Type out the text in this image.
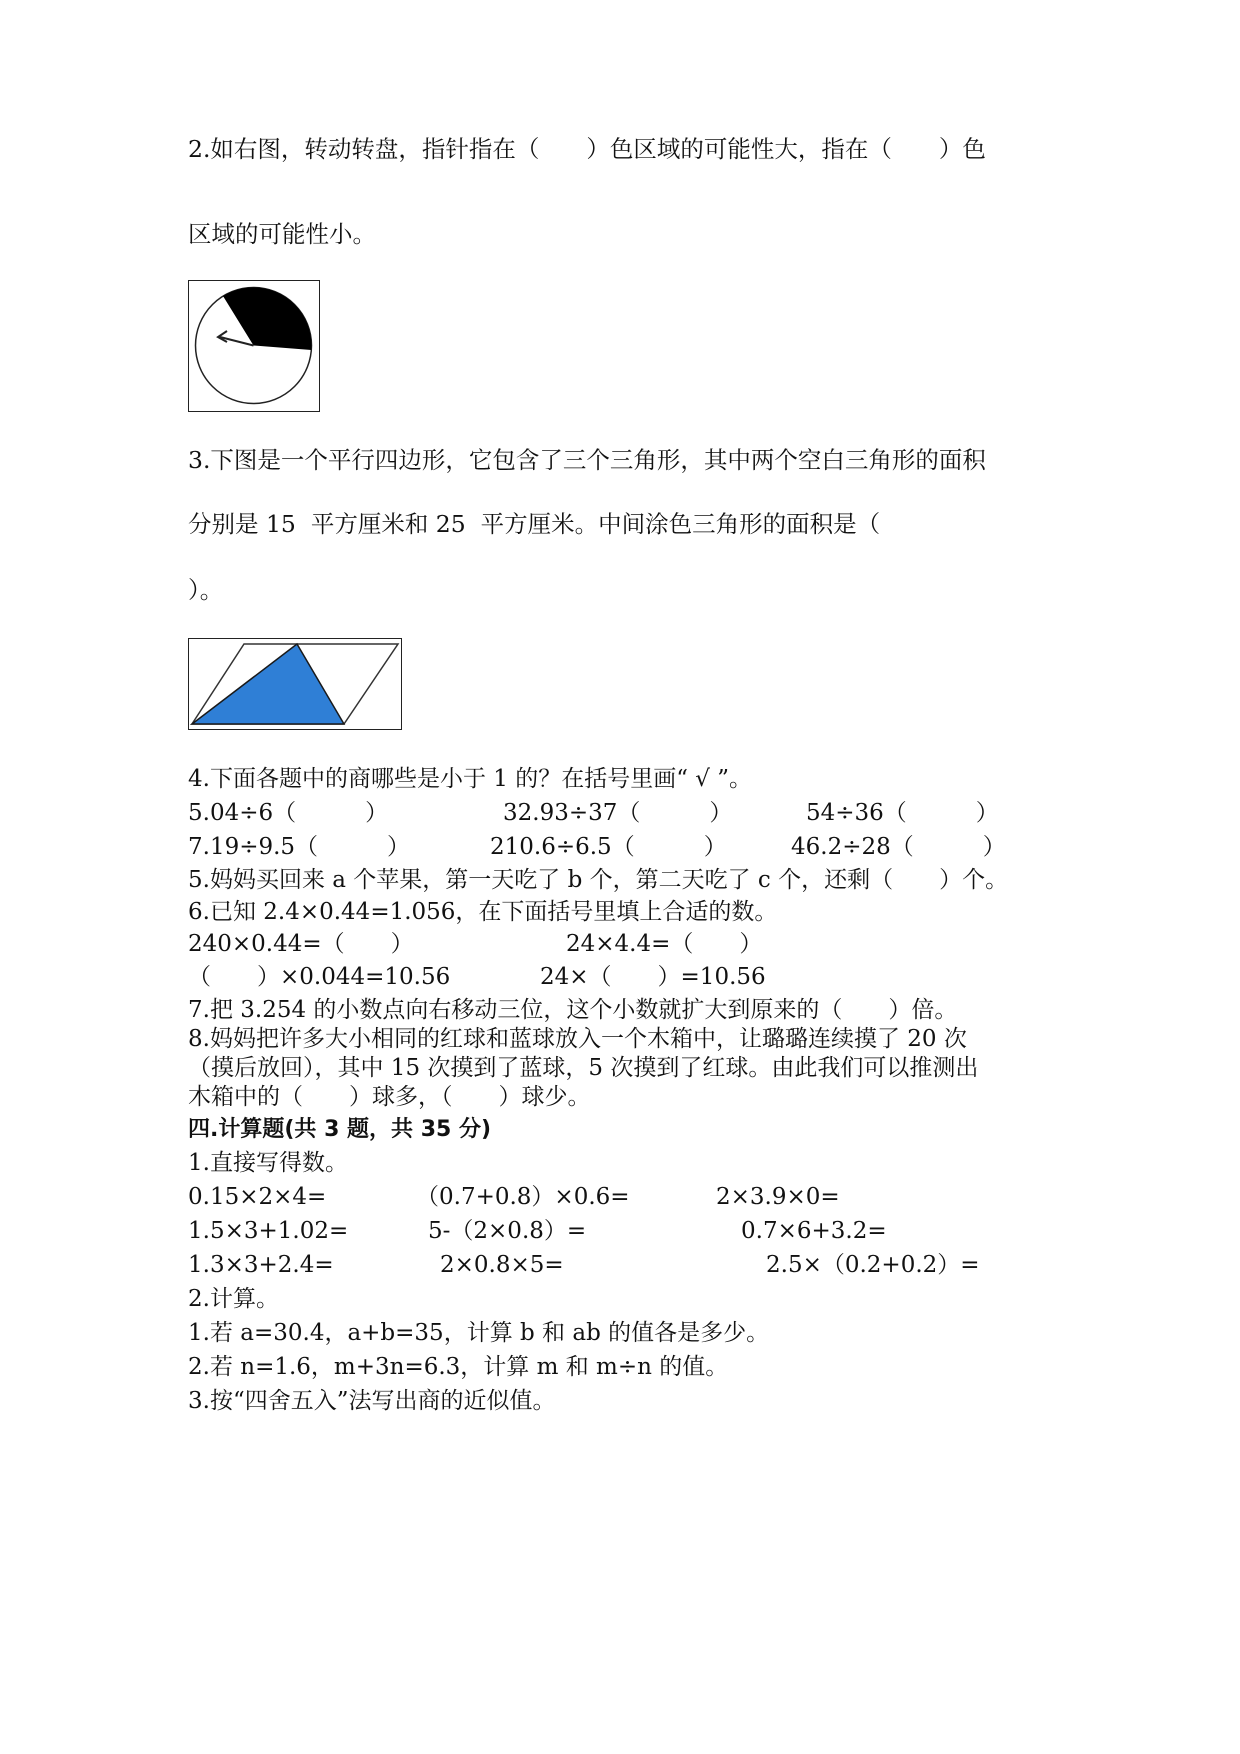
2.如右图，转动转盘，指针指在（　　）色区域的可能性大，指在（　　）色
区域的可能性小。
3.下图是一个平行四边形，它包含了三个三角形，其中两个空白三角形的面积
分别是 15  平方厘米和 25  平方厘米。中间涂色三角形的面积是（
）。
4.下面各题中的商哪些是小于 1 的？在括号里画“ √ ”。
5.04÷6（　　　）	32.93÷37（　　　）	54÷36（　　　）
7.19÷9.5（　　　）	210.6÷6.5（　　　）	46.2÷28（　　　）
5.妈妈买回来 a 个苹果，第一天吃了 b 个，第二天吃了 c 个，还剩（　　）个。
6.已知 2.4×0.44=1.056，在下面括号里填上合适的数。
240×0.44=（　　）	24×4.4=（　　）
（　　）×0.044=10.56	24×（　　）=10.56
7.把 3.254 的小数点向右移动三位，这个小数就扩大到原来的（　　）倍。
8.妈妈把许多大小相同的红球和蓝球放入一个木箱中，让璐璐连续摸了 20 次
（摸后放回），其中 15 次摸到了蓝球，5 次摸到了红球。由此我们可以推测出
木箱中的（　　）球多，（　　）球少。
四.计算题(共 3 题，共 35 分)
1.直接写得数。
0.15×2×4=	（0.7+0.8）×0.6=	2×3.9×0=
1.5×3+1.02=	5-（2×0.8）=	0.7×6+3.2=
1.3×3+2.4=	2×0.8×5=	2.5×（0.2+0.2）=
2.计算。
1.若 a=30.4，a+b=35，计算 b 和 ab 的值各是多少。
2.若 n=1.6，m+3n=6.3，计算 m 和 m÷n 的值。
3.按“四舍五入”法写出商的近似值。
